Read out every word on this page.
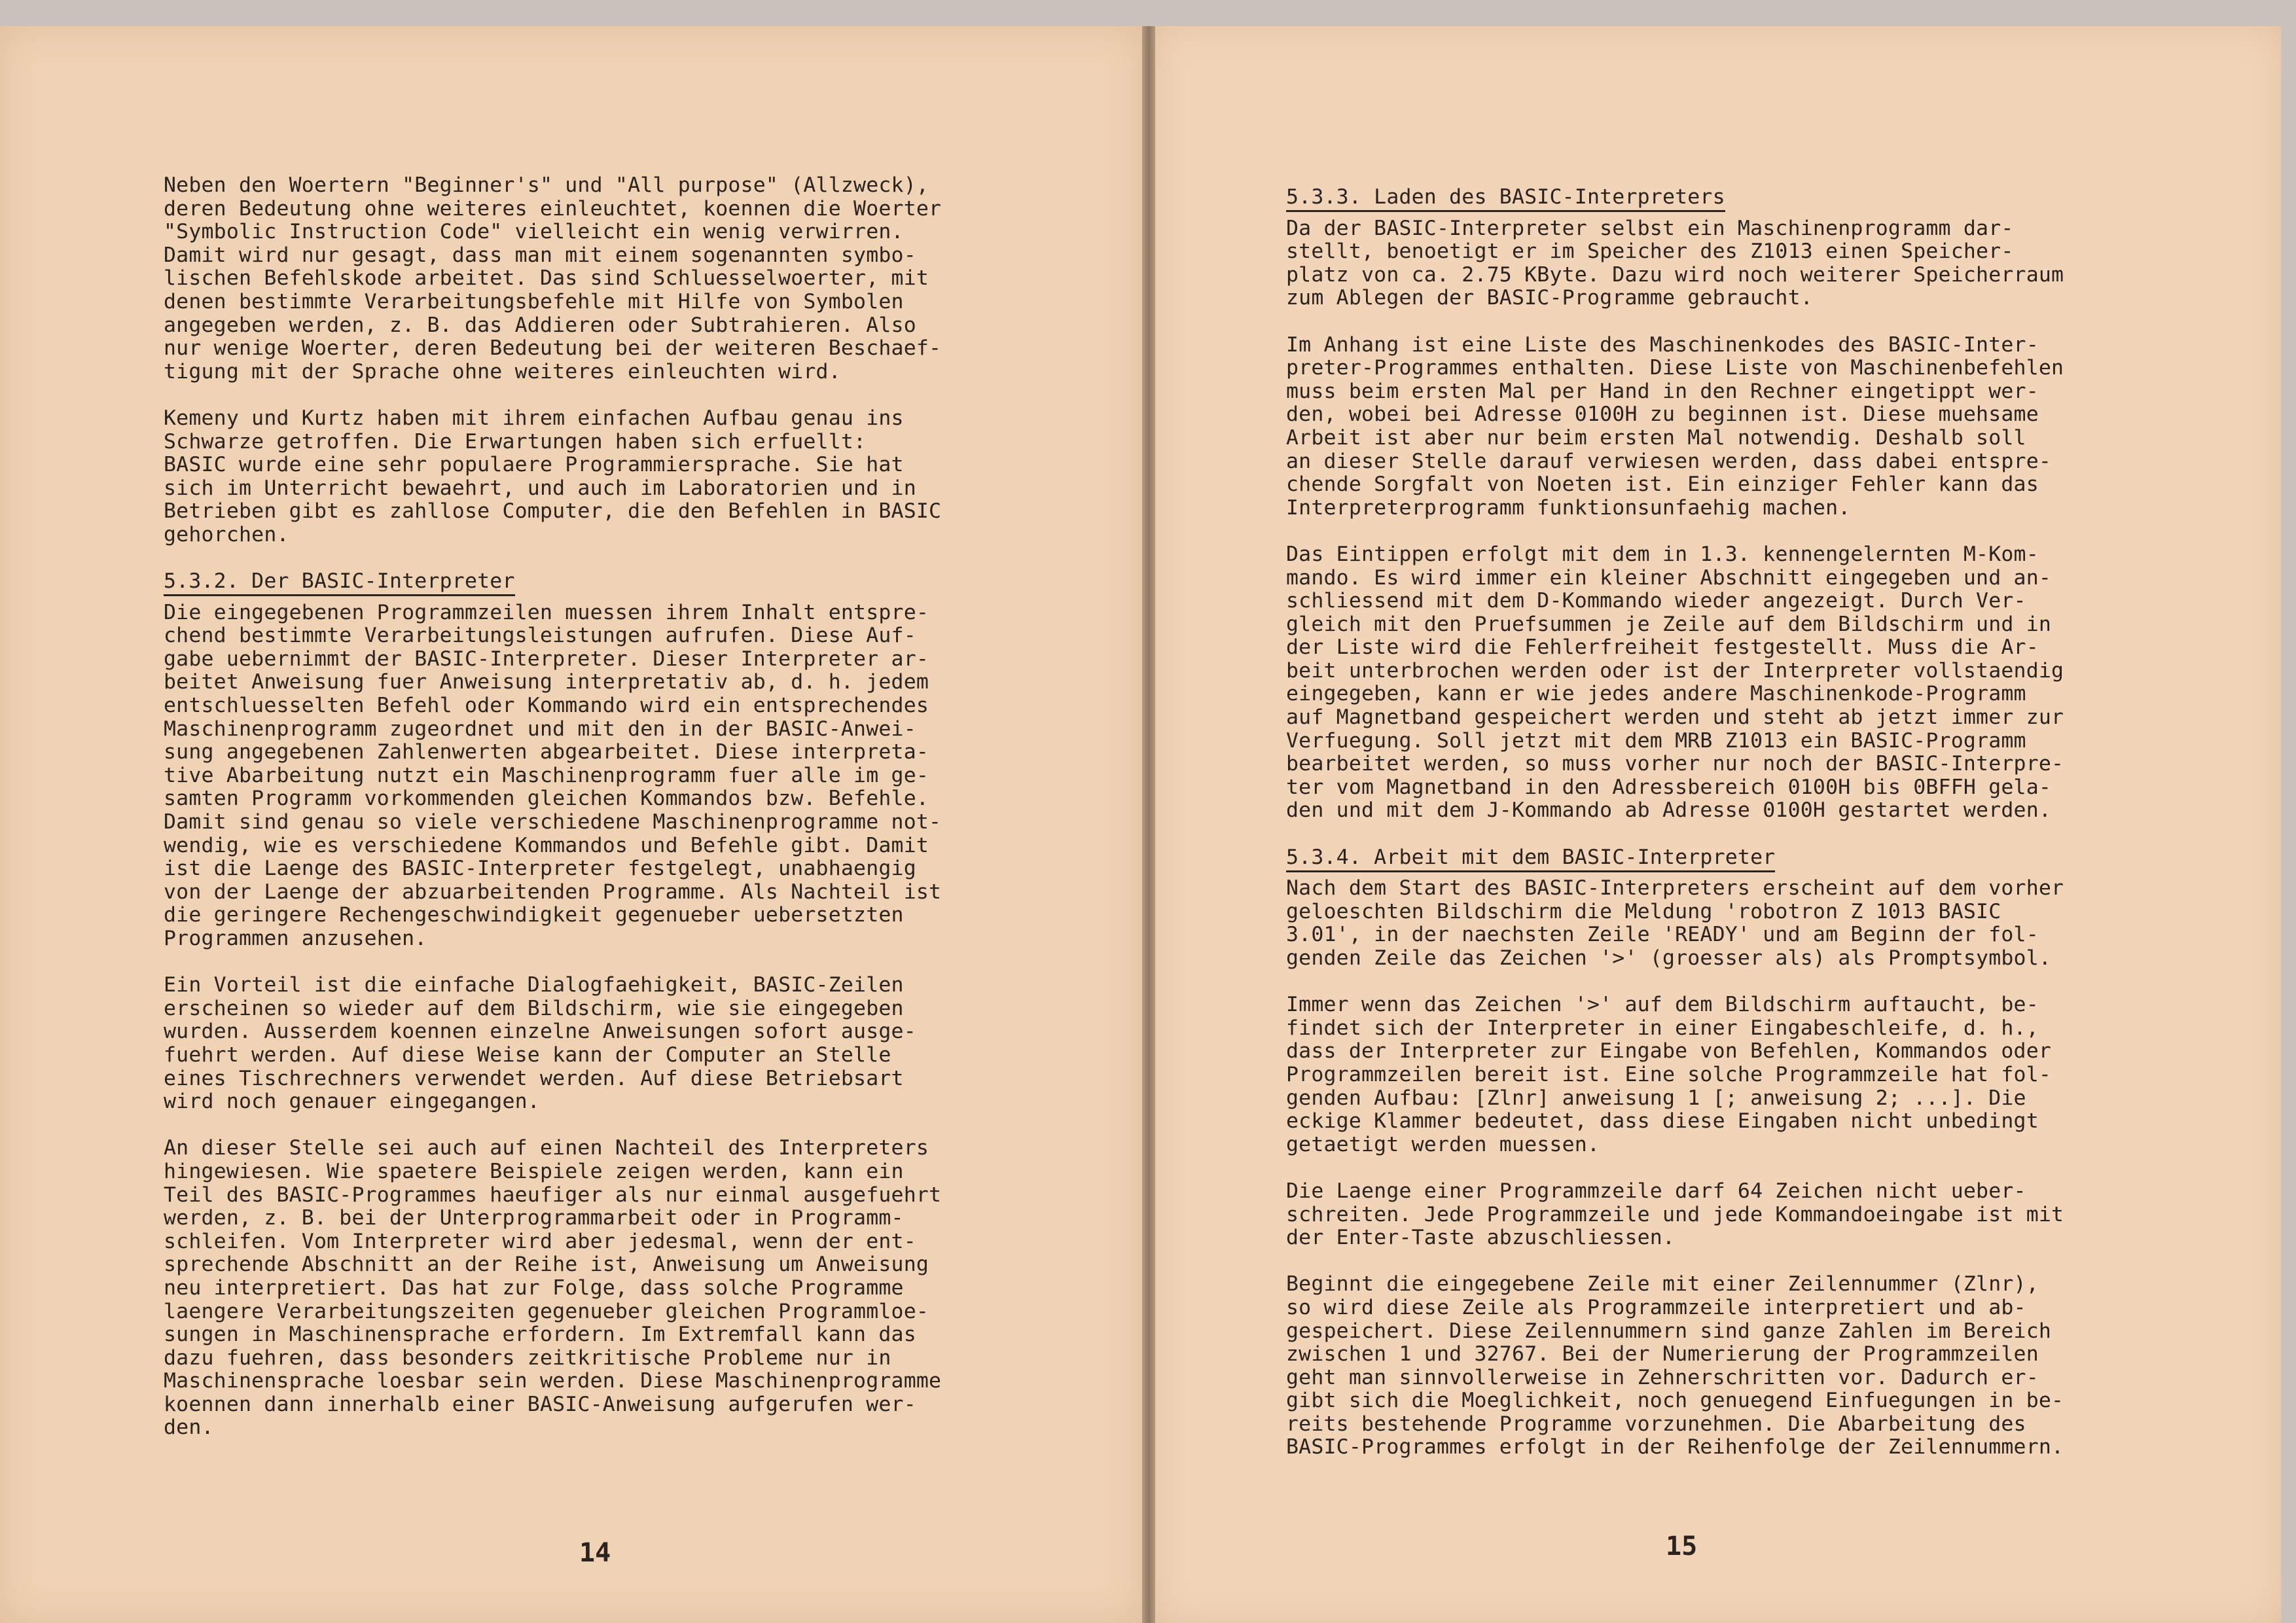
Neben den Woertern "Beginner's" und "All purpose" (Allzweck),
deren Bedeutung ohne weiteres einleuchtet, koennen die Woerter
"Symbolic Instruction Code" vielleicht ein wenig verwirren.
Damit wird nur gesagt, dass man mit einem sogenannten symbo-
lischen Befehlskode arbeitet. Das sind Schluesselwoerter, mit
denen bestimmte Verarbeitungsbefehle mit Hilfe von Symbolen
angegeben werden, z. B. das Addieren oder Subtrahieren. Also
nur wenige Woerter, deren Bedeutung bei der weiteren Beschaef-
tigung mit der Sprache ohne weiteres einleuchten wird.
Kemeny und Kurtz haben mit ihrem einfachen Aufbau genau ins
Schwarze getroffen. Die Erwartungen haben sich erfuellt:
BASIC wurde eine sehr populaere Programmiersprache. Sie hat
sich im Unterricht bewaehrt, und auch im Laboratorien und in
Betrieben gibt es zahllose Computer, die den Befehlen in BASIC
gehorchen.
5.3.2. Der BASIC-Interpreter
Die eingegebenen Programmzeilen muessen ihrem Inhalt entspre-
chend bestimmte Verarbeitungsleistungen aufrufen. Diese Auf-
gabe uebernimmt der BASIC-Interpreter. Dieser Interpreter ar-
beitet Anweisung fuer Anweisung interpretativ ab, d. h. jedem
entschluesselten Befehl oder Kommando wird ein entsprechendes
Maschinenprogramm zugeordnet und mit den in der BASIC-Anwei-
sung angegebenen Zahlenwerten abgearbeitet. Diese interpreta-
tive Abarbeitung nutzt ein Maschinenprogramm fuer alle im ge-
samten Programm vorkommenden gleichen Kommandos bzw. Befehle.
Damit sind genau so viele verschiedene Maschinenprogramme not-
wendig, wie es verschiedene Kommandos und Befehle gibt. Damit
ist die Laenge des BASIC-Interpreter festgelegt, unabhaengig
von der Laenge der abzuarbeitenden Programme. Als Nachteil ist
die geringere Rechengeschwindigkeit gegenueber uebersetzten
Programmen anzusehen.
Ein Vorteil ist die einfache Dialogfaehigkeit, BASIC-Zeilen
erscheinen so wieder auf dem Bildschirm, wie sie eingegeben
wurden. Ausserdem koennen einzelne Anweisungen sofort ausge-
fuehrt werden. Auf diese Weise kann der Computer an Stelle
eines Tischrechners verwendet werden. Auf diese Betriebsart
wird noch genauer eingegangen.
An dieser Stelle sei auch auf einen Nachteil des Interpreters
hingewiesen. Wie spaetere Beispiele zeigen werden, kann ein
Teil des BASIC-Programmes haeufiger als nur einmal ausgefuehrt
werden, z. B. bei der Unterprogrammarbeit oder in Programm-
schleifen. Vom Interpreter wird aber jedesmal, wenn der ent-
sprechende Abschnitt an der Reihe ist, Anweisung um Anweisung
neu interpretiert. Das hat zur Folge, dass solche Programme
laengere Verarbeitungszeiten gegenueber gleichen Programmloe-
sungen in Maschinensprache erfordern. Im Extremfall kann das
dazu fuehren, dass besonders zeitkritische Probleme nur in
Maschinensprache loesbar sein werden. Diese Maschinenprogramme
koennen dann innerhalb einer BASIC-Anweisung aufgerufen wer-
den.
14
5.3.3. Laden des BASIC-Interpreters
Da der BASIC-Interpreter selbst ein Maschinenprogramm dar-
stellt, benoetigt er im Speicher des Z1013 einen Speicher-
platz von ca. 2.75 KByte. Dazu wird noch weiterer Speicherraum
zum Ablegen der BASIC-Programme gebraucht.
Im Anhang ist eine Liste des Maschinenkodes des BASIC-Inter-
preter-Programmes enthalten. Diese Liste von Maschinenbefehlen
muss beim ersten Mal per Hand in den Rechner eingetippt wer-
den, wobei bei Adresse 0100H zu beginnen ist. Diese muehsame
Arbeit ist aber nur beim ersten Mal notwendig. Deshalb soll
an dieser Stelle darauf verwiesen werden, dass dabei entspre-
chende Sorgfalt von Noeten ist. Ein einziger Fehler kann das
Interpreterprogramm funktionsunfaehig machen.
Das Eintippen erfolgt mit dem in 1.3. kennengelernten M-Kom-
mando. Es wird immer ein kleiner Abschnitt eingegeben und an-
schliessend mit dem D-Kommando wieder angezeigt. Durch Ver-
gleich mit den Pruefsummen je Zeile auf dem Bildschirm und in
der Liste wird die Fehlerfreiheit festgestellt. Muss die Ar-
beit unterbrochen werden oder ist der Interpreter vollstaendig
eingegeben, kann er wie jedes andere Maschinenkode-Programm
auf Magnetband gespeichert werden und steht ab jetzt immer zur
Verfuegung. Soll jetzt mit dem MRB Z1013 ein BASIC-Programm
bearbeitet werden, so muss vorher nur noch der BASIC-Interpre-
ter vom Magnetband in den Adressbereich 0100H bis 0BFFH gela-
den und mit dem J-Kommando ab Adresse 0100H gestartet werden.
5.3.4. Arbeit mit dem BASIC-Interpreter
Nach dem Start des BASIC-Interpreters erscheint auf dem vorher
geloeschten Bildschirm die Meldung 'robotron Z 1013 BASIC
3.01', in der naechsten Zeile 'READY' und am Beginn der fol-
genden Zeile das Zeichen '>' (groesser als) als Promptsymbol.
Immer wenn das Zeichen '>' auf dem Bildschirm auftaucht, be-
findet sich der Interpreter in einer Eingabeschleife, d. h.,
dass der Interpreter zur Eingabe von Befehlen, Kommandos oder
Programmzeilen bereit ist. Eine solche Programmzeile hat fol-
genden Aufbau: [Zlnr] anweisung 1 [; anweisung 2; ...]. Die
eckige Klammer bedeutet, dass diese Eingaben nicht unbedingt
getaetigt werden muessen.
Die Laenge einer Programmzeile darf 64 Zeichen nicht ueber-
schreiten. Jede Programmzeile und jede Kommandoeingabe ist mit
der Enter-Taste abzuschliessen.
Beginnt die eingegebene Zeile mit einer Zeilennummer (Zlnr),
so wird diese Zeile als Programmzeile interpretiert und ab-
gespeichert. Diese Zeilennummern sind ganze Zahlen im Bereich
zwischen 1 und 32767. Bei der Numerierung der Programmzeilen
geht man sinnvollerweise in Zehnerschritten vor. Dadurch er-
gibt sich die Moeglichkeit, noch genuegend Einfuegungen in be-
reits bestehende Programme vorzunehmen. Die Abarbeitung des
BASIC-Programmes erfolgt in der Reihenfolge der Zeilennummern.
15
